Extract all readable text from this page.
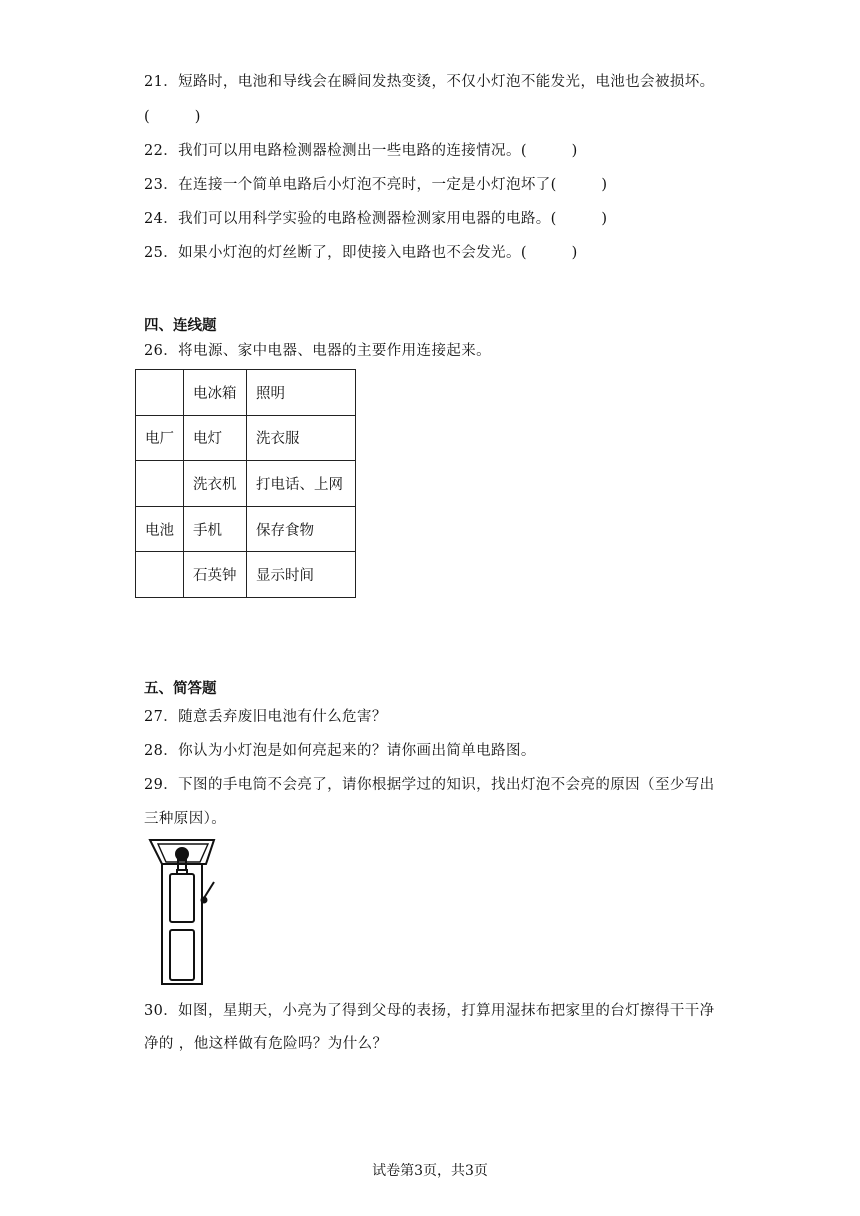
21．短路时，电池和导线会在瞬间发热变烫，不仅小灯泡不能发光，电池也会被损坏。
(　　　)
22．我们可以用电路检测器检测出一些电路的连接情况。(　　　)
23．在连接一个简单电路后小灯泡不亮时，一定是小灯泡坏了(　　　)
24．我们可以用科学实验的电路检测器检测家用电器的电路。(　　　)
25．如果小灯泡的灯丝断了，即使接入电路也不会发光。(　　　)
四、连线题
26．将电源、家中电器、电器的主要作用连接起来。
	电冰箱	照明
电厂	电灯	洗衣服
	洗衣机	打电话、上网
电池	手机	保存食物
	石英钟	显示时间
五、简答题
27．随意丢弃废旧电池有什么危害？
28．你认为小灯泡是如何亮起来的？请你画出简单电路图。
29．下图的手电筒不会亮了，请你根据学过的知识，找出灯泡不会亮的原因（至少写出
三种原因）。
30．如图，星期天，小亮为了得到父母的表扬，打算用湿抹布把家里的台灯擦得干干净
净的 ，他这样做有危险吗？为什么？
试卷第3页，共3页
